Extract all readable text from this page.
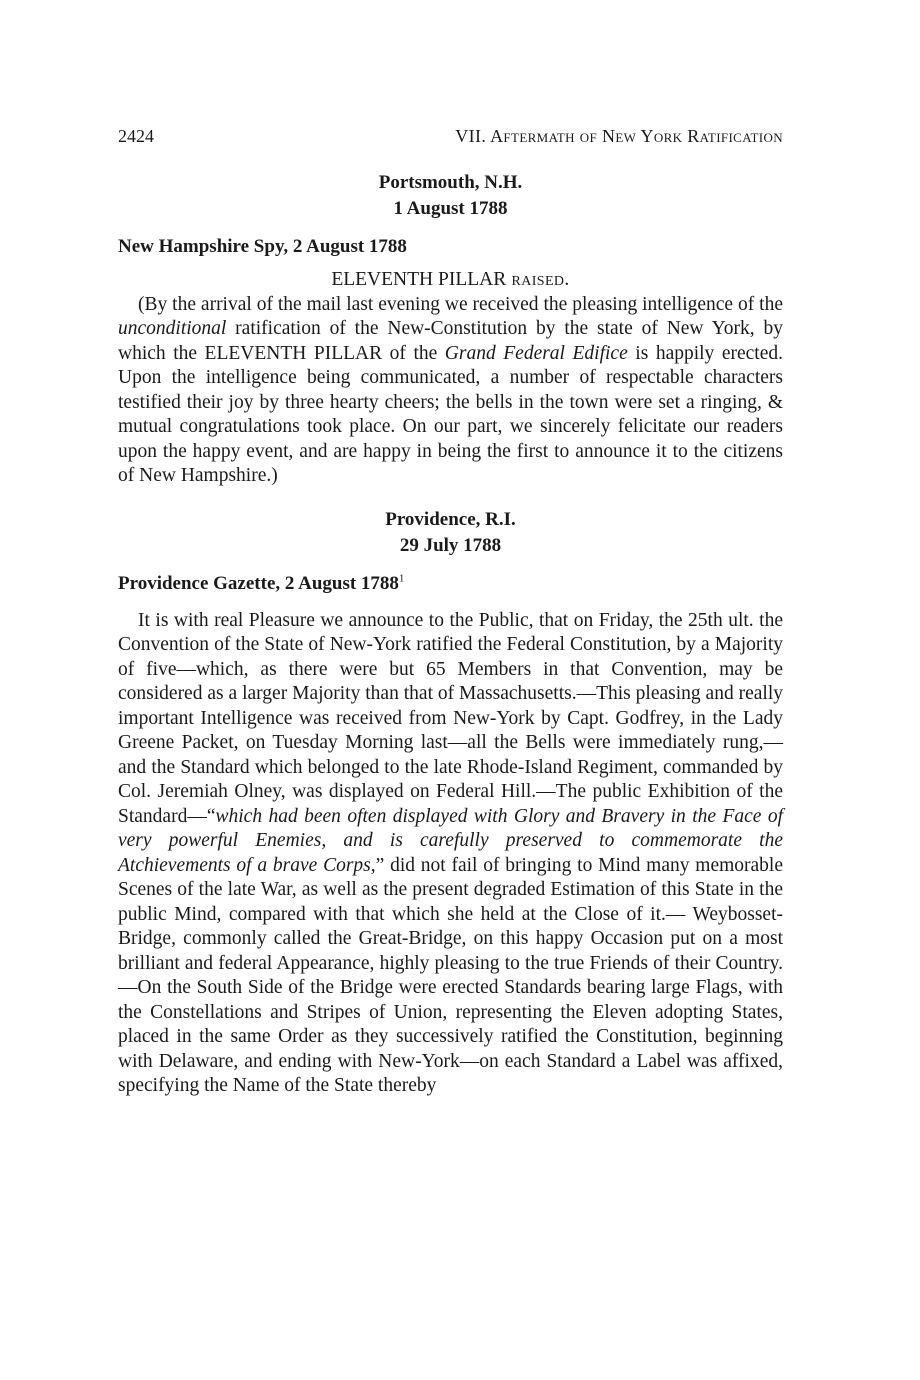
2424	VII. Aftermath of New York Ratification
Portsmouth, N.H.
1 August 1788
New Hampshire Spy, 2 August 1788
ELEVENTH PILLAR raised.

(By the arrival of the mail last evening we received the pleasing intelligence of the unconditional ratification of the New-Constitution by the state of New York, by which the ELEVENTH PILLAR of the Grand Federal Edifice is happily erected. Upon the intelligence being communicated, a number of respectable characters testified their joy by three hearty cheers; the bells in the town were set a ringing, & mutual congratulations took place. On our part, we sincerely felicitate our readers upon the happy event, and are happy in being the first to announce it to the citizens of New Hampshire.)

Providence, R.I.
29 July 1788
Providence Gazette, 2 August 1788$^1$

It is with real Pleasure we announce to the Public, that on Friday, the 25th ult. the Convention of the State of New-York ratified the Federal Constitution, by a Majority of five—which, as there were but 65 Members in that Convention, may be considered as a larger Majority than that of Massachusetts.—This pleasing and really important Intelligence was received from New-York by Capt. Godfrey, in the Lady Greene Packet, on Tuesday Morning last—all the Bells were immediately rung,—and the Standard which belonged to the late Rhode-Island Regiment, commanded by Col. Jeremiah Olney, was displayed on Federal Hill.—The public Exhibition of the Standard—“which had been often displayed with Glory and Bravery in the Face of very powerful Enemies, and is carefully preserved to commemorate the Atchievements of a brave Corps,” did not fail of bringing to Mind many memorable Scenes of the late War, as well as the present degraded Estimation of this State in the public Mind, compared with that which she held at the Close of it.— Weybosset-Bridge, commonly called the Great-Bridge, on this happy Occasion put on a most brilliant and federal Appearance, highly pleasing to the true Friends of their Country.—On the South Side of the Bridge were erected Standards bearing large Flags, with the Constellations and Stripes of Union, representing the Eleven adopting States, placed in the same Order as they successively ratified the Constitution, beginning with Delaware, and ending with New-York—on each Standard a Label was affixed, specifying the Name of the State thereby
